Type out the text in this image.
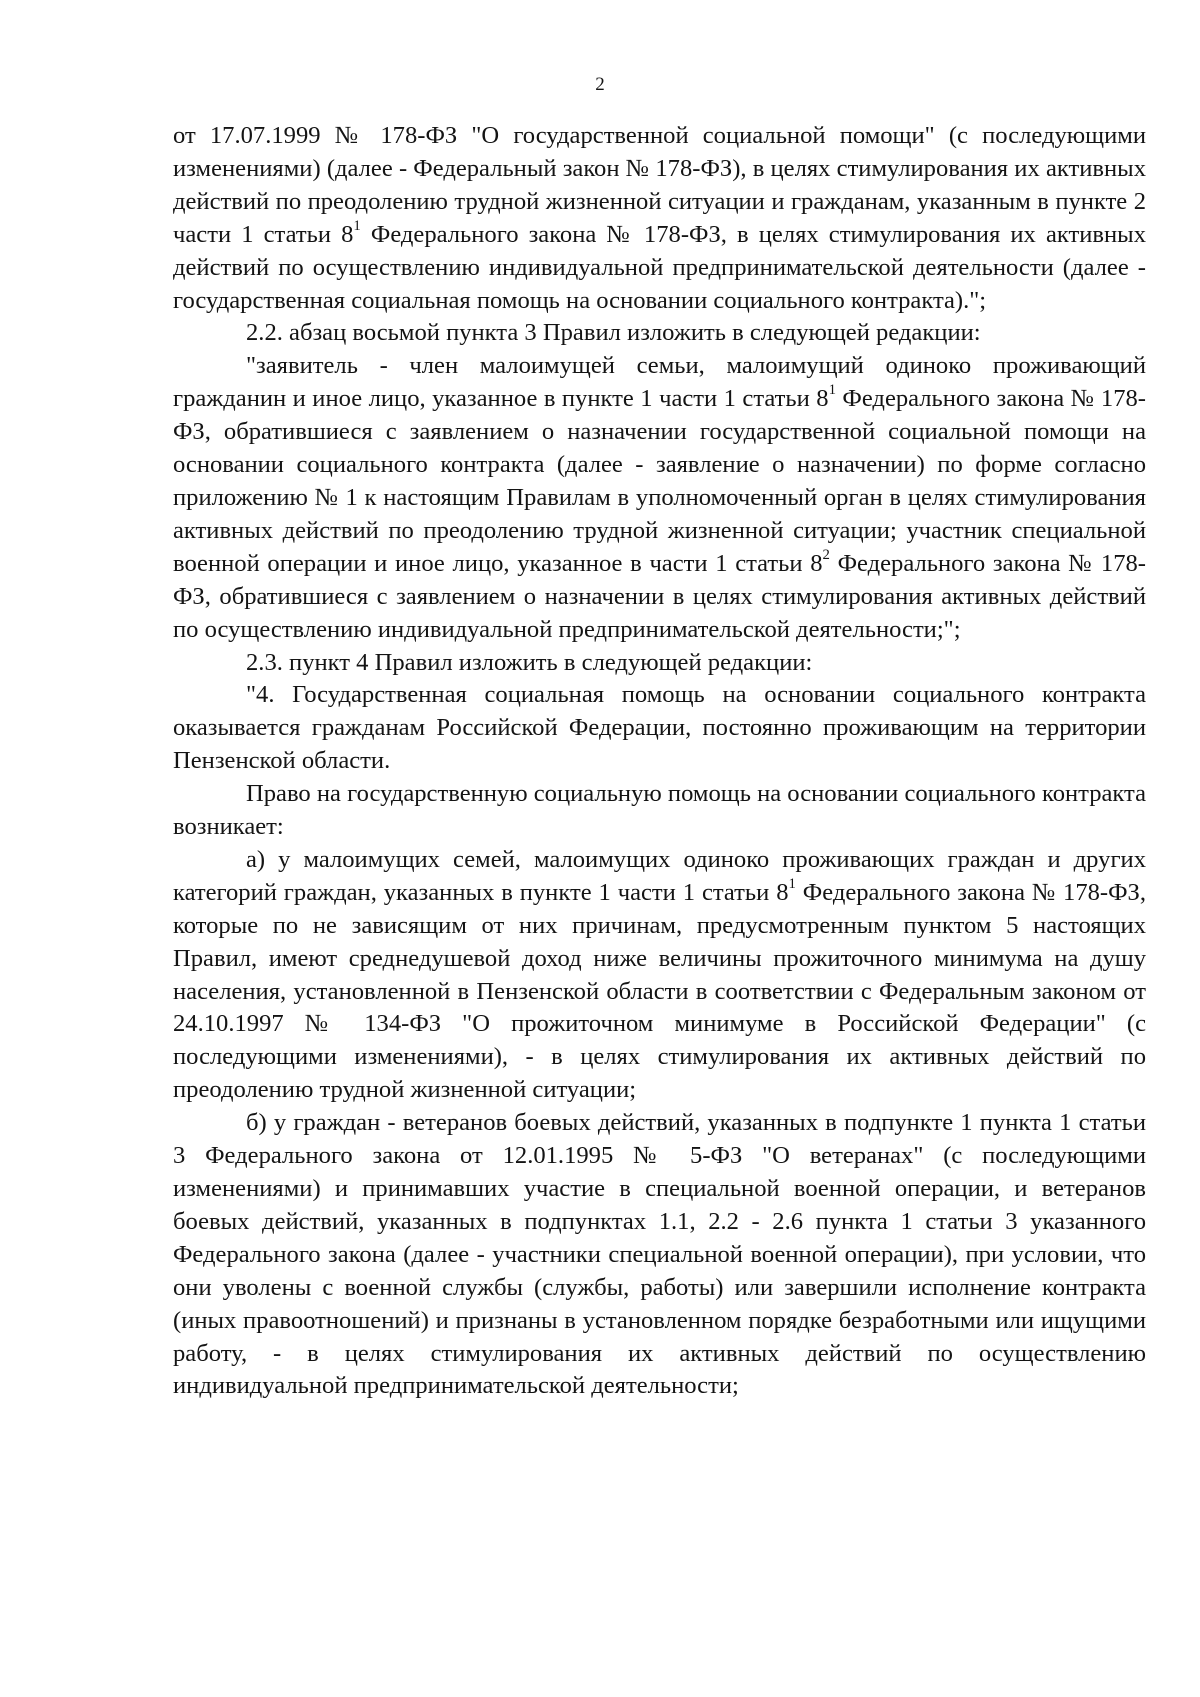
2

от 17.07.1999 № 178-ФЗ "О государственной социальной помощи" (с последующими изменениями) (далее - Федеральный закон № 178-ФЗ), в целях стимулирования их активных действий по преодолению трудной жизненной ситуации и гражданам, указанным в пункте 2 части 1 статьи $8^1$ Федерального закона № 178-ФЗ, в целях стимулирования их активных действий по осуществлению индивидуальной предпринимательской деятельности (далее - государственная социальная помощь на основании социального контракта).";

2.2. абзац восьмой пункта 3 Правил изложить в следующей редакции:

"заявитель - член малоимущей семьи, малоимущий одиноко проживающий гражданин и иное лицо, указанное в пункте 1 части 1 статьи $8^1$ Федерального закона № 178-ФЗ, обратившиеся с заявлением о назначении государственной социальной помощи на основании социального контракта (далее - заявление о назначении) по форме согласно приложению № 1 к настоящим Правилам в уполномоченный орган в целях стимулирования активных действий по преодолению трудной жизненной ситуации; участник специальной военной операции и иное лицо, указанное в части 1 статьи $8^2$ Федерального закона № 178-ФЗ, обратившиеся с заявлением о назначении в целях стимулирования активных действий по осуществлению индивидуальной предпринимательской деятельности;";

2.3. пункт 4 Правил изложить в следующей редакции:

"4. Государственная социальная помощь на основании социального контракта оказывается гражданам Российской Федерации, постоянно проживающим на территории Пензенской области.

Право на государственную социальную помощь на основании социального контракта возникает:

а) у малоимущих семей, малоимущих одиноко проживающих граждан и других категорий граждан, указанных в пункте 1 части 1 статьи $8^1$ Федерального закона № 178-ФЗ, которые по не зависящим от них причинам, предусмотренным пунктом 5 настоящих Правил, имеют среднедушевой доход ниже величины прожиточного минимума на душу населения, установленной в Пензенской области в соответствии с Федеральным законом от 24.10.1997 № 134-ФЗ "О прожиточном минимуме в Российской Федерации" (с последующими изменениями), - в целях стимулирования их активных действий по преодолению трудной жизненной ситуации;

б) у граждан - ветеранов боевых действий, указанных в подпункте 1 пункта 1 статьи 3 Федерального закона от 12.01.1995 № 5-ФЗ "О ветеранах" (с последующими изменениями) и принимавших участие в специальной военной операции, и ветеранов боевых действий, указанных в подпунктах 1.1, 2.2 - 2.6 пункта 1 статьи 3 указанного Федерального закона (далее - участники специальной военной операции), при условии, что они уволены с военной службы (службы, работы) или завершили исполнение контракта (иных правоотношений) и признаны в установленном порядке безработными или ищущими работу, - в целях стимулирования их активных действий по осуществлению индивидуальной предпринимательской деятельности;
